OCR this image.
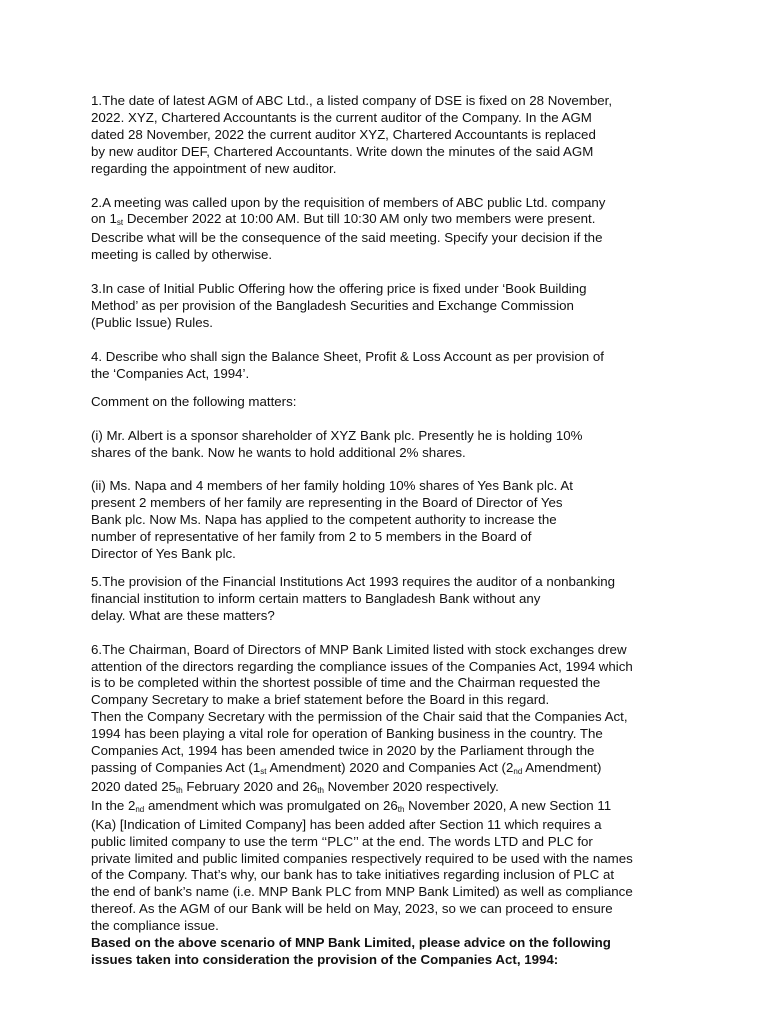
1.The date of latest AGM of ABC Ltd., a listed company of DSE is fixed on 28 November,
2022. XYZ, Chartered Accountants is the current auditor of the Company. In the AGM
dated 28 November, 2022 the current auditor XYZ, Chartered Accountants is replaced
by new auditor DEF, Chartered Accountants. Write down the minutes of the said AGM
regarding the appointment of new auditor.
2.A meeting was called upon by the requisition of members of ABC public Ltd. company
on 1st December 2022 at 10:00 AM. But till 10:30 AM only two members were present.
Describe what will be the consequence of the said meeting. Specify your decision if the
meeting is called by otherwise.
3.In case of Initial Public Offering how the offering price is fixed under ‘Book Building
Method’ as per provision of the Bangladesh Securities and Exchange Commission
(Public Issue) Rules.
4. Describe who shall sign the Balance Sheet, Profit & Loss Account as per provision of
the ‘Companies Act, 1994’.
Comment on the following matters:
(i) Mr. Albert is a sponsor shareholder of XYZ Bank plc. Presently he is holding 10%
shares of the bank. Now he wants to hold additional 2% shares.
(ii) Ms. Napa and 4 members of her family holding 10% shares of Yes Bank plc. At
present 2 members of her family are representing in the Board of Director of Yes
Bank plc. Now Ms. Napa has applied to the competent authority to increase the
number of representative of her family from 2 to 5 members in the Board of
Director of Yes Bank plc.
5.The provision of the Financial Institutions Act 1993 requires the auditor of a nonbanking
financial institution to inform certain matters to Bangladesh Bank without any
delay. What are these matters?
6.The Chairman, Board of Directors of MNP Bank Limited listed with stock exchanges drew
attention of the directors regarding the compliance issues of the Companies Act, 1994 which
is to be completed within the shortest possible of time and the Chairman requested the
Company Secretary to make a brief statement before the Board in this regard.
Then the Company Secretary with the permission of the Chair said that the Companies Act,
1994 has been playing a vital role for operation of Banking business in the country. The
Companies Act, 1994 has been amended twice in 2020 by the Parliament through the
passing of Companies Act (1st Amendment) 2020 and Companies Act (2nd Amendment)
2020 dated 25th February 2020 and 26th November 2020 respectively.
In the 2nd amendment which was promulgated on 26th November 2020, A new Section 11
(Ka) [Indication of Limited Company] has been added after Section 11 which requires a
public limited company to use the term ‘‘PLC’’ at the end. The words LTD and PLC for
private limited and public limited companies respectively required to be used with the names
of the Company. That’s why, our bank has to take initiatives regarding inclusion of PLC at
the end of bank’s name (i.e. MNP Bank PLC from MNP Bank Limited) as well as compliance
thereof. As the AGM of our Bank will be held on May, 2023, so we can proceed to ensure
the compliance issue.
Based on the above scenario of MNP Bank Limited, please advice on the following
issues taken into consideration the provision of the Companies Act, 1994:
